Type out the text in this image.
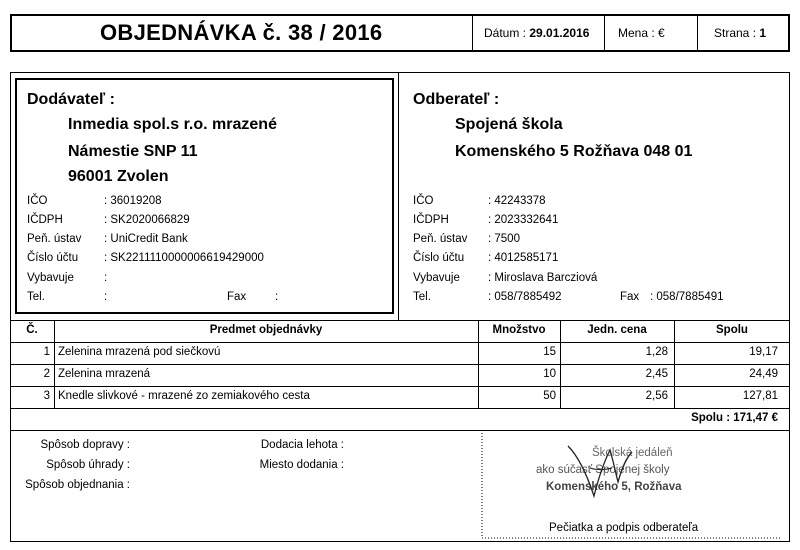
OBJEDNÁVKA č. 38 / 2016	Dátum : 29.01.2016 Mena : €	Strana : 1
Dodávateľ :
Inmedia spol.s r.o. mrazené
Námestie SNP 11
96001 Zvolen
IČO	: 36019208
IČDPH	: SK2020066829
Peň. ústav : UniCredit Bank
Číslo účtu : SK2211110000006619429000
Vybavuje	:
Tel.	:	Fax	:
Odberateľ :
Spojená škola
Komenského 5 Rožňava 048 01
IČO	: 42243378
IČDPH	: 2023332641
Peň. ústav : 7500
Číslo účtu : 4012585171
Vybavuje : Miroslava Barcziová
Tel.	: 058/7885492	Fax : 058/7885491
Č.	Predmet objednávky	Množstvo	Jedn. cena	Spolu
1 Zelenina mrazená pod siečkovú	15	1,28	19,17
2 Zelenina mrazená	10	2,45	24,49
3 Knedle slivkové - mrazené zo zemiakového cesta	50	2,56	127,81
Spolu : 171,47 €
Spôsob dopravy :
Spôsob úhrady :
Spôsob objednania :
Dodacia lehota :
Miesto dodania :
Školská jedáleň
ako súčasť Spojenej školy
Komenského 5, Rožňava
Pečiatka a podpis odberateľa
